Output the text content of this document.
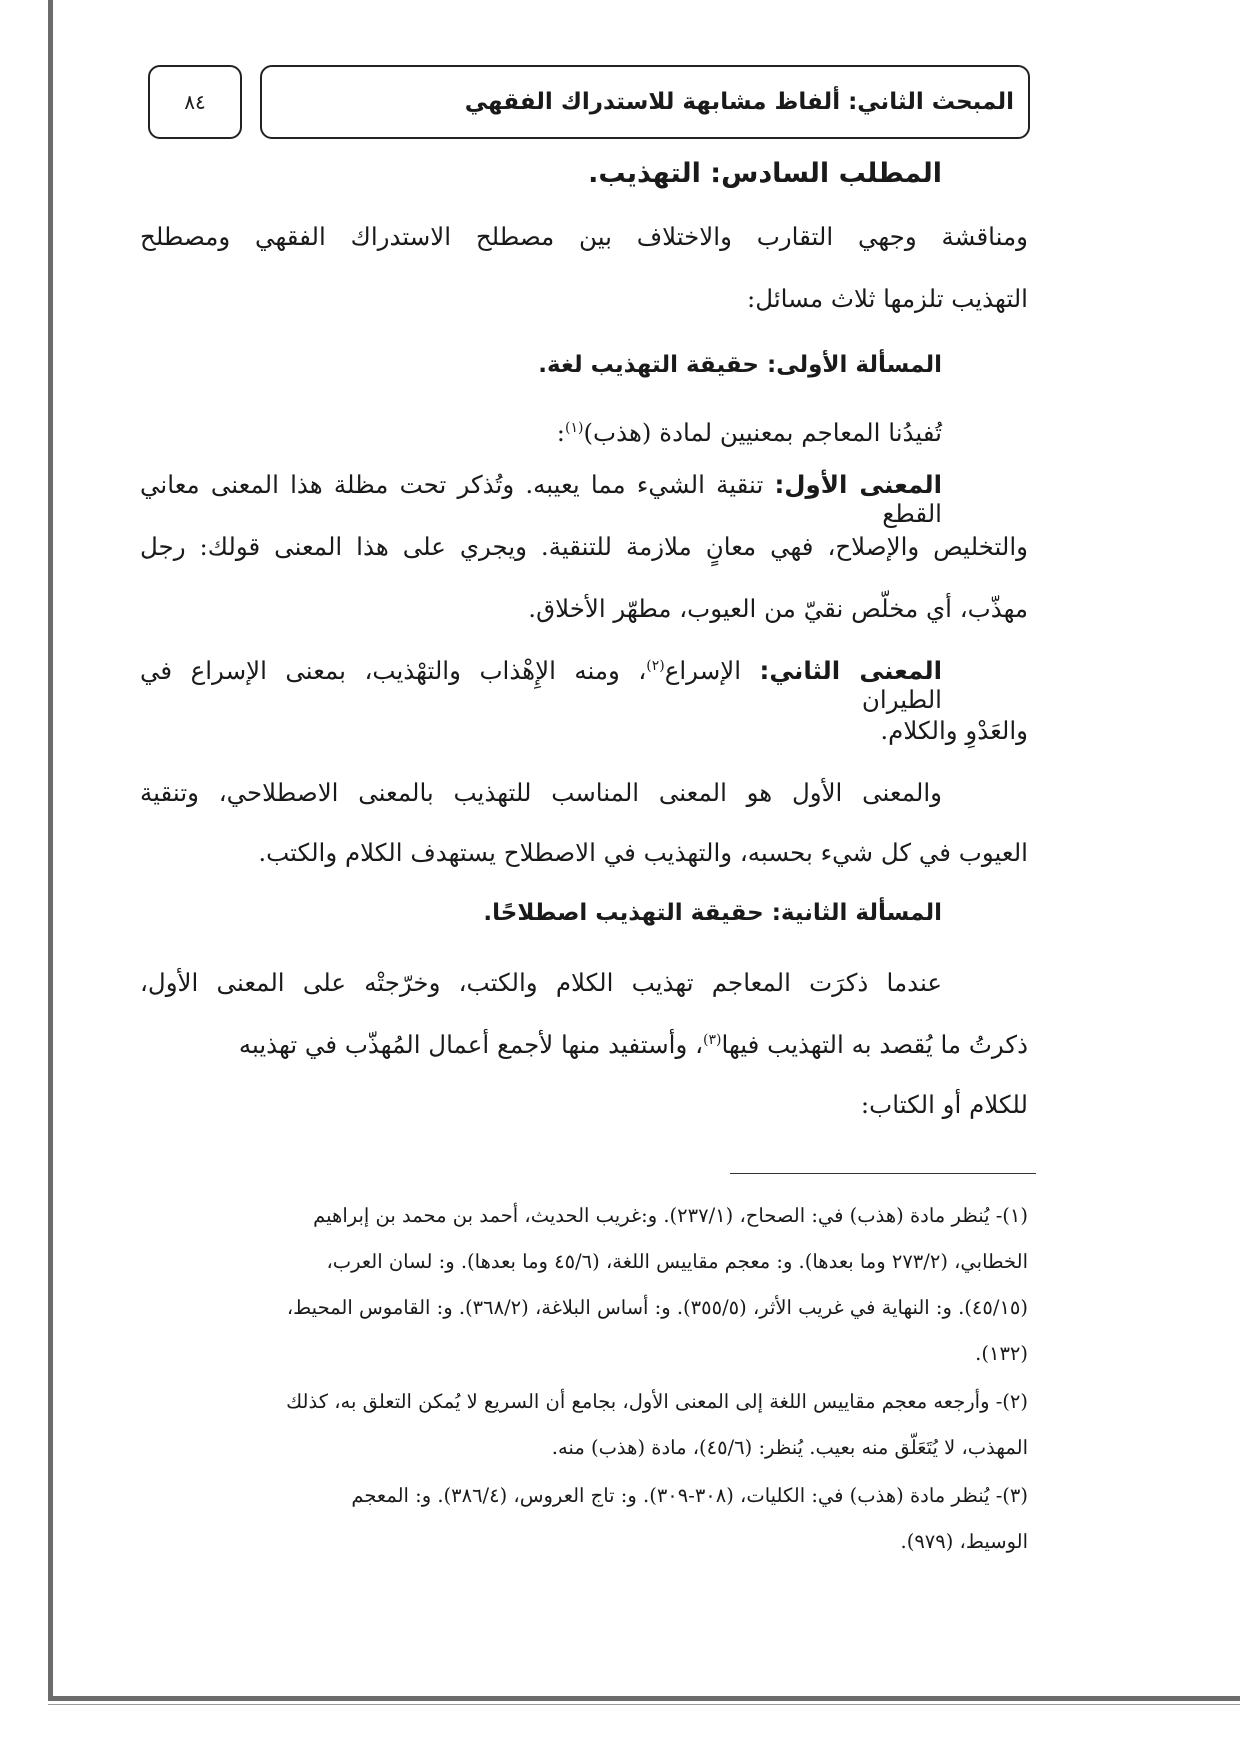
المبحث الثاني: ألفاظ مشابهة للاستدراك الفقهي
٨٤
المطلب السادس: التهذيب.
ومناقشة وجهي التقارب والاختلاف بين مصطلح الاستدراك الفقهي ومصطلح
التهذيب تلزمها ثلاث مسائل:
المسألة الأولى: حقيقة التهذيب لغة.
تُفيدُنا المعاجم بمعنيين لمادة (هذب)$^{(١)}$:
المعنى الأول: تنقية الشيء مما يعيبه. وتُذكر تحت مظلة هذا المعنى معاني القطع
والتخليص والإصلاح، فهي معانٍ ملازمة للتنقية. ويجري على هذا المعنى قولك: رجل
مهذّب، أي مخلّص نقيّ من العيوب، مطهّر الأخلاق.
المعنى الثاني: الإسراع$^{(٢)}$، ومنه الإِهْذاب والتهْذيب، بمعنى الإسراع في الطيران
والعَدْوِ والكلام.
والمعنى الأول هو المعنى المناسب للتهذيب بالمعنى الاصطلاحي، وتنقية
العيوب في كل شيء بحسبه، والتهذيب في الاصطلاح يستهدف الكلام والكتب.
المسألة الثانية: حقيقة التهذيب اصطلاحًا.
عندما ذكرَت المعاجم تهذيب الكلام والكتب، وخرّجتْه على المعنى الأول،
ذكرتُ ما يُقصد به التهذيب فيها$^{(٣)}$، وأستفيد منها لأجمع أعمال المُهذّب في تهذيبه
للكلام أو الكتاب:
(١)- يُنظر مادة (هذب) في: الصحاح، (٢٣٧/١). و:غريب الحديث، أحمد بن محمد بن إبراهيم
الخطابي، (٢٧٣/٢ وما بعدها). و: معجم مقاييس اللغة، (٤٥/٦ وما بعدها). و: لسان العرب،
(٤٥/١٥). و: النهاية في غريب الأثر، (٣٥٥/٥). و: أساس البلاغة، (٣٦٨/٢). و: القاموس المحيط،
(١٣٢).
(٢)- وأرجعه معجم مقاييس اللغة إلى المعنى الأول، بجامع أن السريع لا يُمكن التعلق به، كذلك
المهذب، لا يُتَعَلّق منه بعيب. يُنظر: (٤٥/٦)، مادة (هذب) منه.
(٣)- يُنظر مادة (هذب) في: الكليات، (٣٠٨-٣٠٩). و: تاج العروس، (٣٨٦/٤). و: المعجم
الوسيط، (٩٧٩).
